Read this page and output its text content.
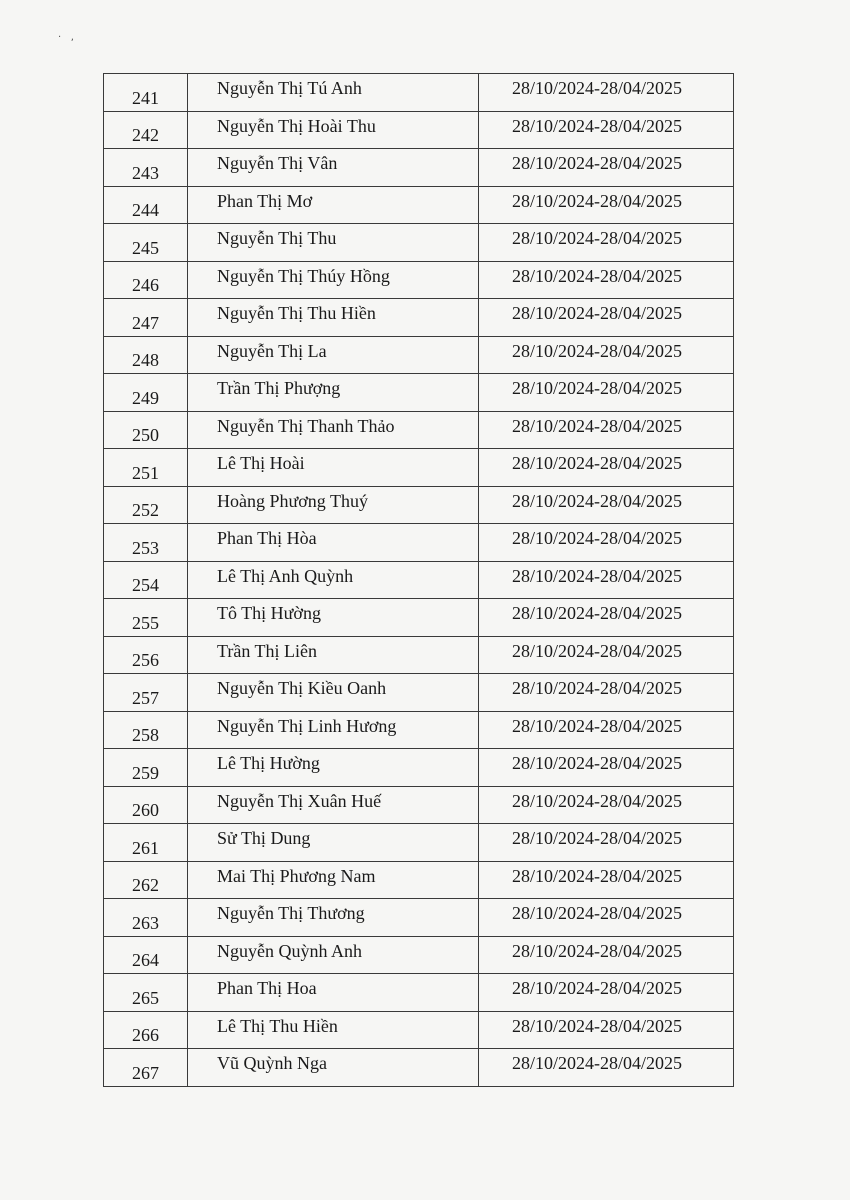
·   ,
241	Nguyễn Thị Tú Anh	28/10/2024-28/04/2025
242	Nguyễn Thị Hoài Thu	28/10/2024-28/04/2025
243	Nguyễn Thị Vân	28/10/2024-28/04/2025
244	Phan Thị Mơ	28/10/2024-28/04/2025
245	Nguyễn Thị Thu	28/10/2024-28/04/2025
246	Nguyễn Thị Thúy Hồng	28/10/2024-28/04/2025
247	Nguyễn Thị Thu Hiền	28/10/2024-28/04/2025
248	Nguyễn Thị La	28/10/2024-28/04/2025
249	Trần Thị Phượng	28/10/2024-28/04/2025
250	Nguyễn Thị Thanh Thảo	28/10/2024-28/04/2025
251	Lê Thị Hoài	28/10/2024-28/04/2025
252	Hoàng Phương Thuý	28/10/2024-28/04/2025
253	Phan Thị Hòa	28/10/2024-28/04/2025
254	Lê Thị Anh Quỳnh	28/10/2024-28/04/2025
255	Tô Thị Hường	28/10/2024-28/04/2025
256	Trần Thị Liên	28/10/2024-28/04/2025
257	Nguyễn Thị Kiều Oanh	28/10/2024-28/04/2025
258	Nguyễn Thị Linh Hương	28/10/2024-28/04/2025
259	Lê Thị Hường	28/10/2024-28/04/2025
260	Nguyễn Thị Xuân Huế	28/10/2024-28/04/2025
261	Sử Thị Dung	28/10/2024-28/04/2025
262	Mai Thị Phương Nam	28/10/2024-28/04/2025
263	Nguyễn Thị Thương	28/10/2024-28/04/2025
264	Nguyễn Quỳnh Anh	28/10/2024-28/04/2025
265	Phan Thị Hoa	28/10/2024-28/04/2025
266	Lê Thị Thu Hiền	28/10/2024-28/04/2025
267	Vũ Quỳnh Nga	28/10/2024-28/04/2025
